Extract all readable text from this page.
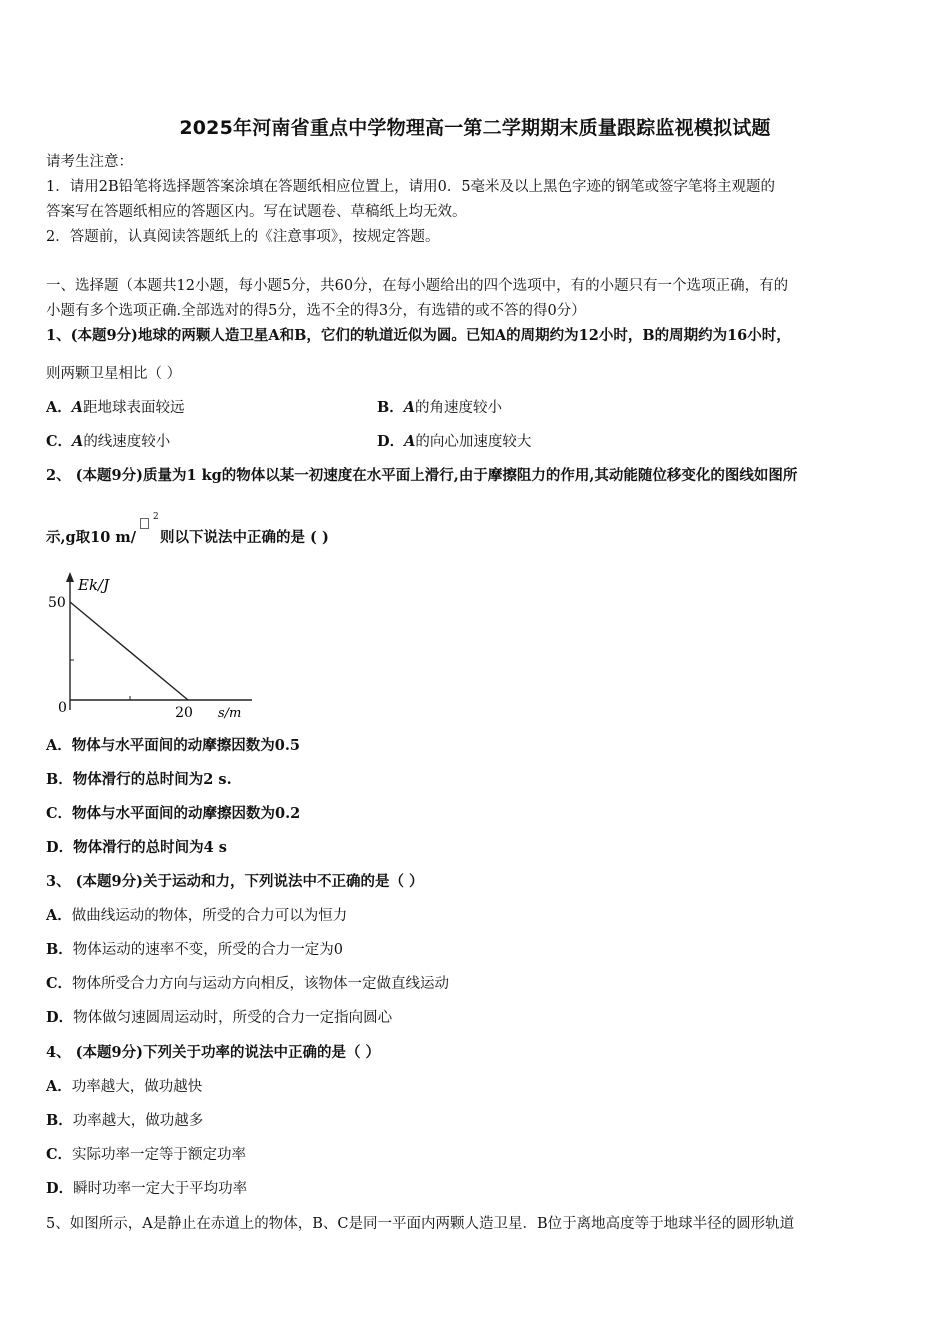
2025年河南省重点中学物理高一第二学期期末质量跟踪监视模拟试题
请考生注意：
1．请用2B铅笔将选择题答案涂填在答题纸相应位置上，请用0．5毫米及以上黑色字迹的钢笔或签字笔将主观题的
答案写在答题纸相应的答题区内。写在试题卷、草稿纸上均无效。
2．答题前，认真阅读答题纸上的《注意事项》，按规定答题。
一、选择题（本题共12小题，每小题5分，共60分，在每小题给出的四个选项中，有的小题只有一个选项正确，有的
小题有多个选项正确.全部选对的得5分，选不全的得3分，有选错的或不答的得0分）
1、(本题9分)地球的两颗人造卫星A和B，它们的轨道近似为圆。已知A的周期约为12小时，B的周期约为16小时，
则两颗卫星相比（ ）
A．A距地球表面较远	B．A的角速度较小
C．A的线速度较小	D．A的向心加速度较大
2、 (本题9分)质量为1 kg的物体以某一初速度在水平面上滑行,由于摩擦阻力的作用,其动能随位移变化的图线如图所
示,g取10 m/
2
则以下说法中正确的是 ( )
Ek/J
50
0	20 s/m
A．物体与水平面间的动摩擦因数为0.5
B．物体滑行的总时间为2 s.
C．物体与水平面间的动摩擦因数为0.2
D．物体滑行的总时间为4 s
3、 (本题9分)关于运动和力，下列说法中不正确的是（ ）
A．做曲线运动的物体，所受的合力可以为恒力
B．物体运动的速率不变，所受的合力一定为0
C．物体所受合力方向与运动方向相反，该物体一定做直线运动
D．物体做匀速圆周运动时，所受的合力一定指向圆心
4、 (本题9分)下列关于功率的说法中正确的是（ ）
A．功率越大，做功越快
B．功率越大，做功越多
C．实际功率一定等于额定功率
D．瞬时功率一定大于平均功率
5、如图所示，A是静止在赤道上的物体，B、C是同一平面内两颗人造卫星．B位于离地高度等于地球半径的圆形轨道
